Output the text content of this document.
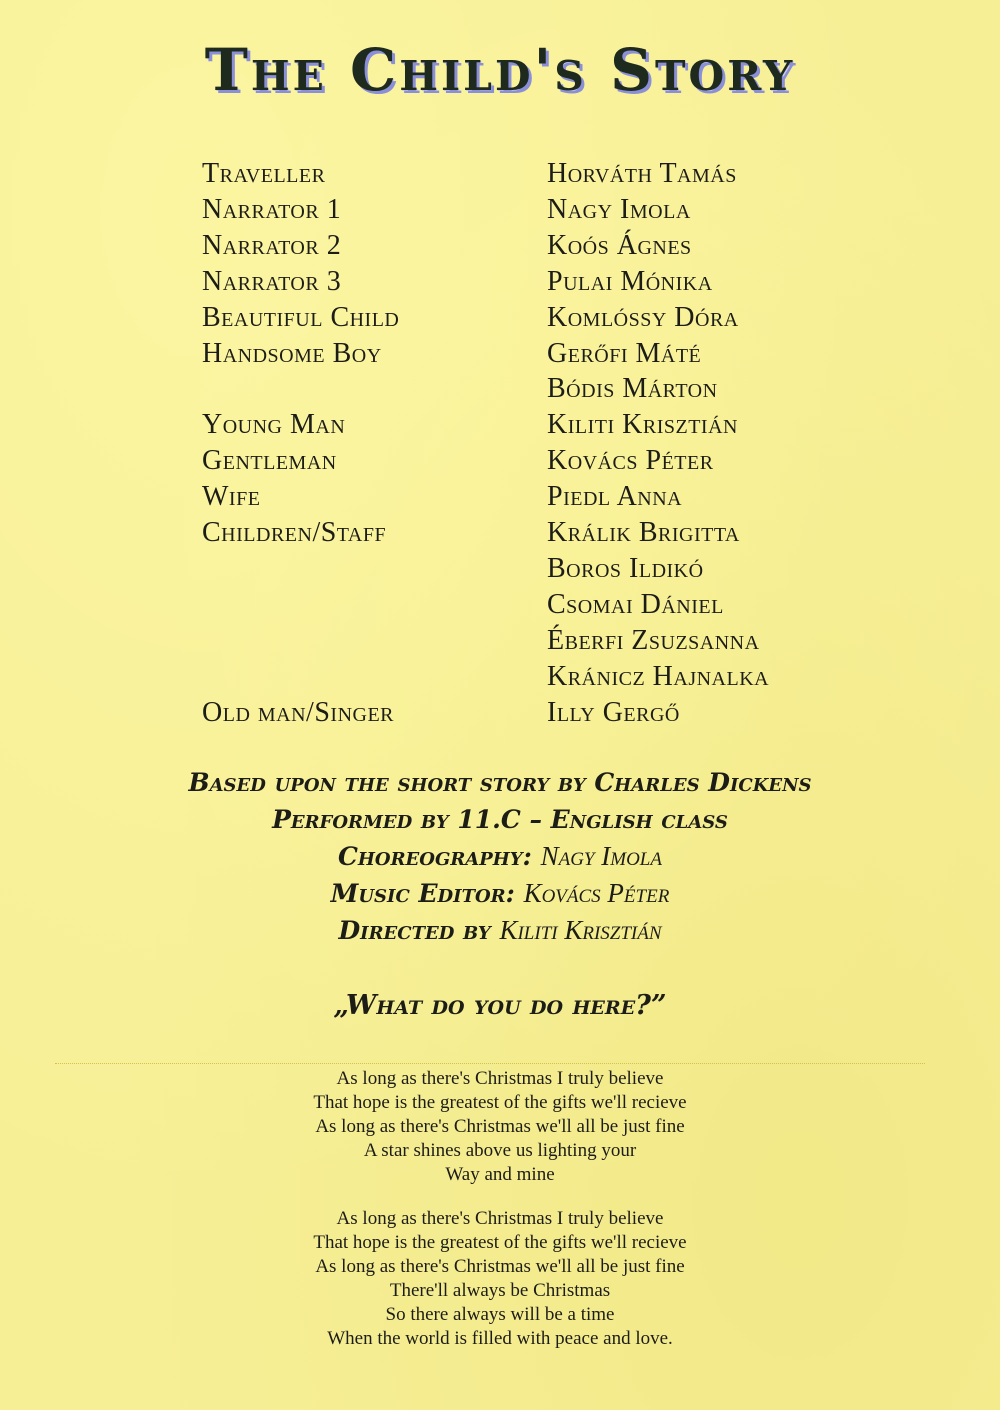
The Child's Story
Traveller	Horváth Tamás
Narrator 1	Nagy Imola
Narrator 2	Koós Ágnes
Narrator 3	Pulai Mónika
Beautiful Child	Komlóssy Dóra
Handsome Boy	Gerőfi Máté
Bódis Márton
Young Man	Kiliti Krisztián
Gentleman	Kovács Péter
Wife	Piedl Anna
Children/Staff	Králik Brigitta
Boros Ildikó
Csomai Dániel
Éberfi Zsuzsanna
Kránicz Hajnalka
Old man/Singer	Illy Gergő
Based upon the short story by Charles Dickens
Performed by 11.C – English class
Choreography: Nagy Imola
Music Editor: Kovács Péter
Directed by Kiliti Krisztián
„What do you do here?”
As long as there's Christmas I truly believe
That hope is the greatest of the gifts we'll recieve
As long as there's Christmas we'll all be just fine
A star shines above us lighting your
Way and mine
As long as there's Christmas I truly believe
That hope is the greatest of the gifts we'll recieve
As long as there's Christmas we'll all be just fine
There'll always be Christmas
So there always will be a time
When the world is filled with peace and love.
